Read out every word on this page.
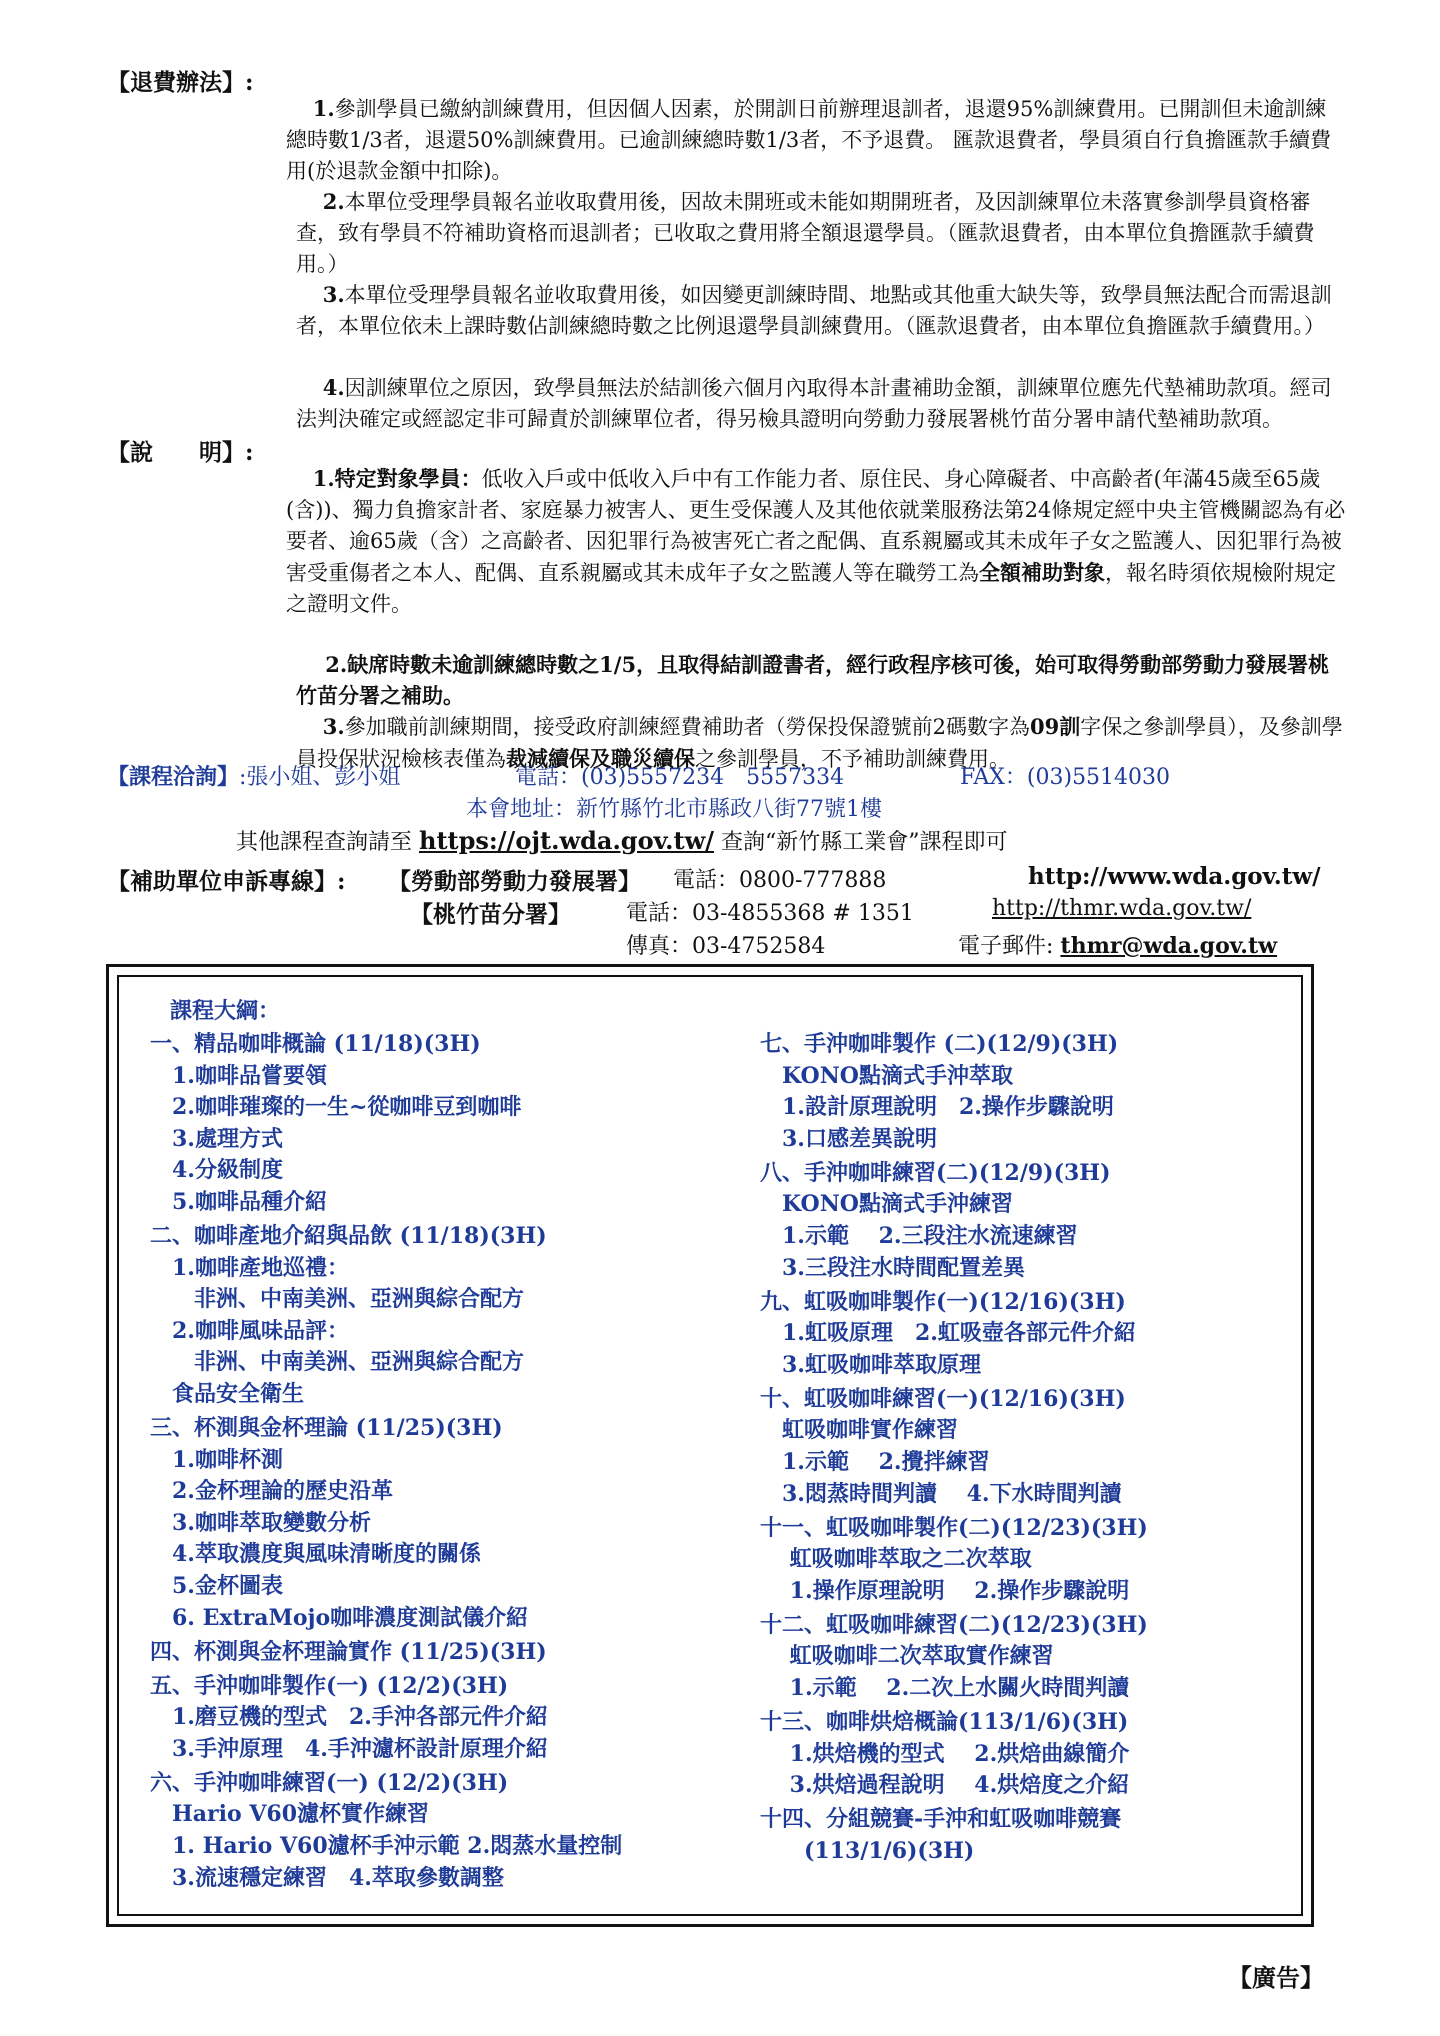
【退費辦法】:

1.參訓學員已繳納訓練費用，但因個人因素，於開訓日前辦理退訓者，退還95%訓練費用。已開訓但未逾訓練總時數1/3者，退還50%訓練費用。已逾訓練總時數1/3者，不予退費。 匯款退費者，學員須自行負擔匯款手續費用(於退款金額中扣除)。

2.本單位受理學員報名並收取費用後，因故未開班或未能如期開班者，及因訓練單位未落實參訓學員資格審查，致有學員不符補助資格而退訓者；已收取之費用將全額退還學員。（匯款退費者，由本單位負擔匯款手續費用。）

3.本單位受理學員報名並收取費用後，如因變更訓練時間、地點或其他重大缺失等，致學員無法配合而需退訓者，本單位依未上課時數佔訓練總時數之比例退還學員訓練費用。（匯款退費者，由本單位負擔匯款手續費用。）

4.因訓練單位之原因，致學員無法於結訓後六個月內取得本計畫補助金額，訓練單位應先代墊補助款項。經司法判決確定或經認定非可歸責於訓練單位者，得另檢具證明向勞動力發展署桃竹苗分署申請代墊補助款項。

【說　　明】:

1.特定對象學員：低收入戶或中低收入戶中有工作能力者、原住民、身心障礙者、中高齡者(年滿45歲至65歲(含))、獨力負擔家計者、家庭暴力被害人、更生受保護人及其他依就業服務法第24條規定經中央主管機關認為有必要者、逾65歲（含）之高齡者、因犯罪行為被害死亡者之配偶、直系親屬或其未成年子女之監護人、因犯罪行為被害受重傷者之本人、配偶、直系親屬或其未成年子女之監護人等在職勞工為全額補助對象，報名時須依規檢附規定之證明文件。

2.缺席時數未逾訓練總時數之1/5，且取得結訓證書者，經行政程序核可後，始可取得勞動部勞動力發展署桃竹苗分署之補助。

3.參加職前訓練期間，接受政府訓練經費補助者（勞保投保證號前2碼數字為09訓字保之參訓學員），及參訓學員投保狀況檢核表僅為裁減續保及職災續保之參訓學員，不予補助訓練費用。

【課程洽詢】:張小姐、彭小姐	電話：(03)5557234　5557334	FAX：(03)5514030
本會地址：新竹縣竹北市縣政八街77號1樓
其他課程查詢請至 https://ojt.wda.gov.tw/ 查詢“新竹縣工業會”課程即可
【補助單位申訴專線】: 【勞動部勞動力發展署】 電話：0800-777888	http://www.wda.gov.tw/
【桃竹苗分署】	電話：03-4855368 # 1351	http://thmr.wda.gov.tw/
傳真：03-4752584	電子郵件: thmr@wda.gov.tw
課程大綱：
一、精品咖啡概論 (11/18)(3H)
　1.咖啡品嘗要領
　2.咖啡璀璨的一生~從咖啡豆到咖啡
　3.處理方式
　4.分級制度
　5.咖啡品種介紹
二、咖啡產地介紹與品飲 (11/18)(3H)
　1.咖啡產地巡禮：
　　非洲、中南美洲、亞洲與綜合配方
　2.咖啡風味品評：
　　非洲、中南美洲、亞洲與綜合配方
　食品安全衛生
三、杯測與金杯理論 (11/25)(3H)
　1.咖啡杯測
　2.金杯理論的歷史沿革
　3.咖啡萃取變數分析
　4.萃取濃度與風味清晰度的關係
　5.金杯圖表
　6. ExtraMojo咖啡濃度測試儀介紹
四、杯測與金杯理論實作 (11/25)(3H)
五、手沖咖啡製作(一) (12/2)(3H)
　1.磨豆機的型式　2.手沖各部元件介紹
　3.手沖原理　4.手沖濾杯設計原理介紹
六、手沖咖啡練習(一) (12/2)(3H)
　Hario V60濾杯實作練習
　1. Hario V60濾杯手沖示範 2.悶蒸水量控制
　3.流速穩定練習　4.萃取參數調整
七、手沖咖啡製作 (二)(12/9)(3H)
　KONO點滴式手沖萃取
　1.設計原理說明　2.操作步驟說明
　3.口感差異說明
八、手沖咖啡練習(二)(12/9)(3H)
　KONO點滴式手沖練習
　1.示範　 2.三段注水流速練習
　3.三段注水時間配置差異
九、虹吸咖啡製作(一)(12/16)(3H)
　1.虹吸原理　2.虹吸壺各部元件介紹
　3.虹吸咖啡萃取原理
十、虹吸咖啡練習(一)(12/16)(3H)
　虹吸咖啡實作練習
　1.示範　 2.攪拌練習
　3.悶蒸時間判讀　 4.下水時間判讀
十一、虹吸咖啡製作(二)(12/23)(3H)
　 虹吸咖啡萃取之二次萃取
　 1.操作原理說明　 2.操作步驟說明
十二、虹吸咖啡練習(二)(12/23)(3H)
　 虹吸咖啡二次萃取實作練習
　 1.示範　 2.二次上水關火時間判讀
十三、咖啡烘焙概論(113/1/6)(3H)
　 1.烘焙機的型式　 2.烘焙曲線簡介
　 3.烘焙過程說明　 4.烘焙度之介紹
十四、分組競賽-手沖和虹吸咖啡競賽
　　(113/1/6)(3H)
【廣告】
